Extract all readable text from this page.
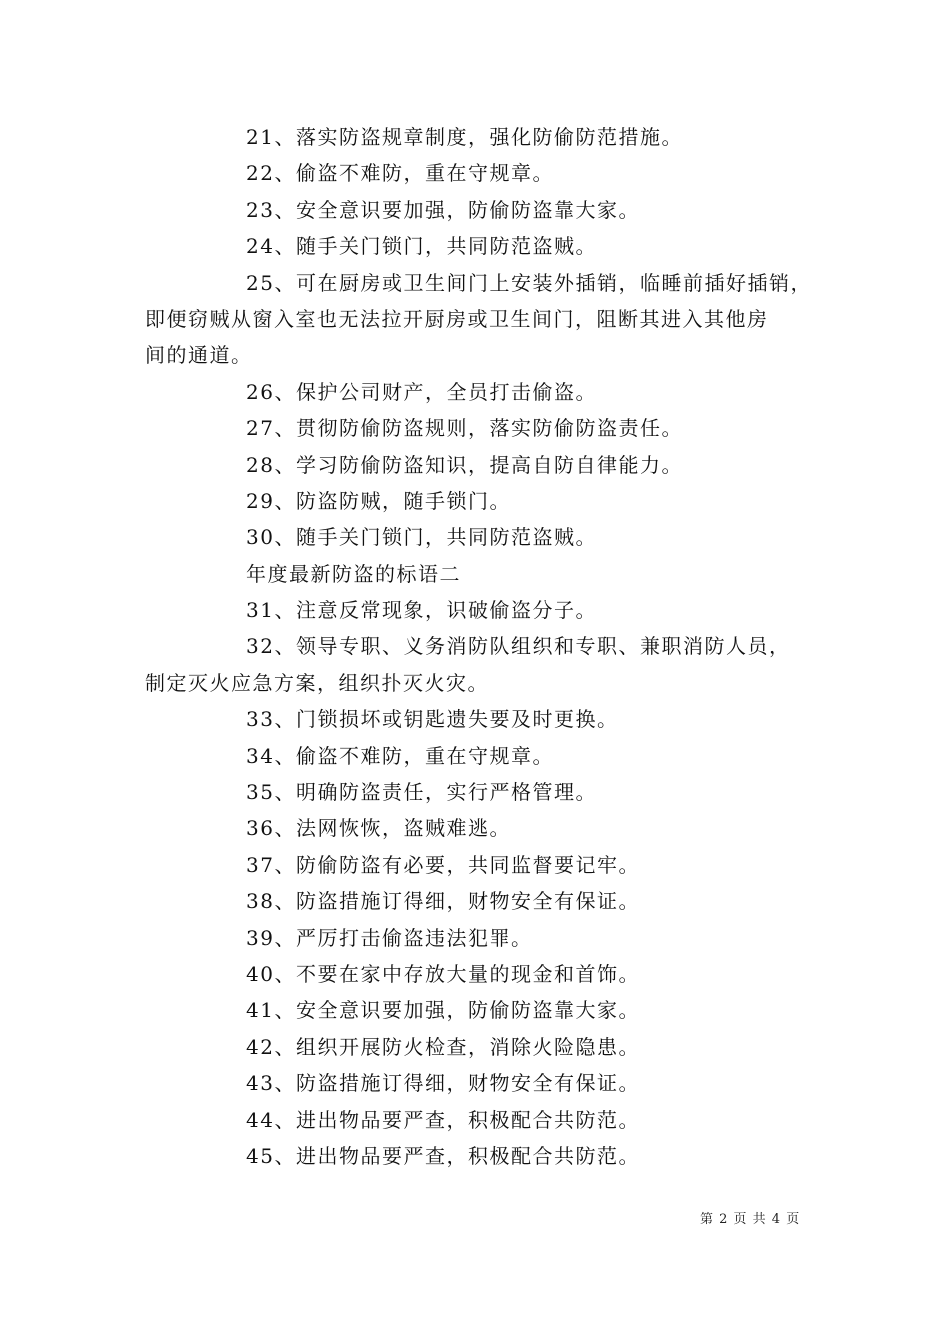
21、落实防盗规章制度，强化防偷防范措施。
22、偷盗不难防，重在守规章。
23、安全意识要加强，防偷防盗靠大家。
24、随手关门锁门，共同防范盗贼。
25、可在厨房或卫生间门上安装外插销，临睡前插好插销，
即便窃贼从窗入室也无法拉开厨房或卫生间门，阻断其进入其他房
间的通道。
26、保护公司财产，全员打击偷盗。
27、贯彻防偷防盗规则，落实防偷防盗责任。
28、学习防偷防盗知识，提高自防自律能力。
29、防盗防贼，随手锁门。
30、随手关门锁门，共同防范盗贼。
年度最新防盗的标语二
31、注意反常现象，识破偷盗分子。
32、领导专职、义务消防队组织和专职、兼职消防人员，
制定灭火应急方案，组织扑灭火灾。
33、门锁损坏或钥匙遗失要及时更换。
34、偷盗不难防，重在守规章。
35、明确防盗责任，实行严格管理。
36、法网恢恢，盗贼难逃。
37、防偷防盗有必要，共同监督要记牢。
38、防盗措施订得细，财物安全有保证。
39、严厉打击偷盗违法犯罪。
40、不要在家中存放大量的现金和首饰。
41、安全意识要加强，防偷防盗靠大家。
42、组织开展防火检查，消除火险隐患。
43、防盗措施订得细，财物安全有保证。
44、进出物品要严查，积极配合共防范。
45、进出物品要严查，积极配合共防范。
第 2 页 共 4 页
